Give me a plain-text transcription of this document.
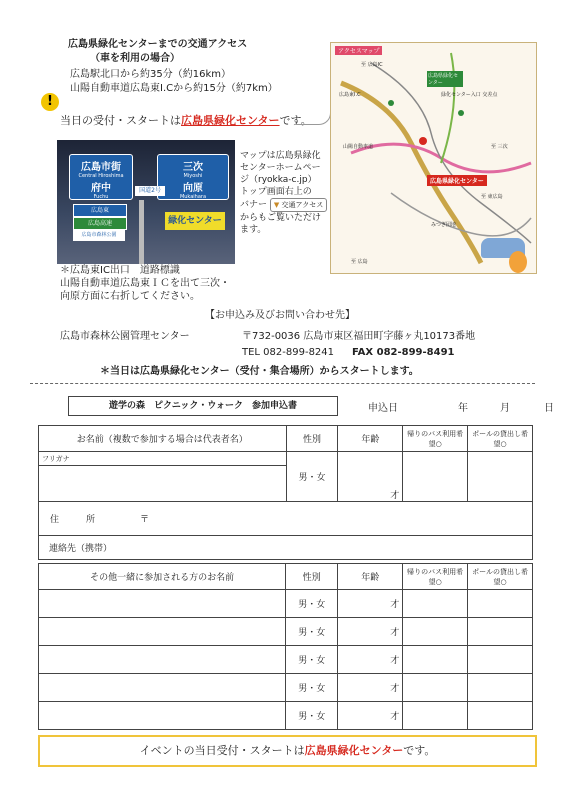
広島県緑化センターまでの交通アクセス
（車を利用の場合）
広島駅北口から約35分（約16km）
山陽自動車道広島東I.Cから約15分（約7km）
!
当日の受付・スタートは広島県緑化センターです。
広島市街
Central Hiroshima
府中
Fuchu
三次
Miyoshi
向原
Mukaihara
国道2号
広島東
広島高速
広島市森林公園
緑化センター
マップは広島県緑化
センターホームペー
ジ（ryokka-c.jp）
トップ画面右上の
バナー ▼ 交通アクセス
からもご覧いただけ
ます。
アクセスマップ
至 広島IC
広島東I.C
広島県緑化センター
緑化センター入口 交差点
山陽自動車道	至 三次
みつぎ団地
至 東広島
至 広島
広島県緑化センター
＊広島東IC出口　道路標識
山陽自動車道広島東ＩＣを出て三次・
向原方面に右折してください。
【お申込み及びお問い合わせ先】
広島市森林公園管理センター	〒732-0036 広島市東区福田町字藤ヶ丸10173番地
TEL 082-899-8241 FAX 082-899-8491
＊当日は広島県緑化センター（受付・集合場所）からスタートします。
遊学の森　ピクニック・ウォーク　参加申込書	申込日	年	月	日
お名前（複数で参加する場合は代表者名）	性別	年齢	帰りのバス利用希望○	ポールの貸出し希望○
フリガナ	男・女	才		

住　　　所 〒				
連絡先（携帯）				
その他一緒に参加される方のお名前	性別	年齢	帰りのバス利用希望○	ポールの貸出し希望○
	男・女	才		
	男・女	才		
	男・女	才		
	男・女	才		
	男・女	才		
イベントの当日受付・スタートは広島県緑化センターです。
